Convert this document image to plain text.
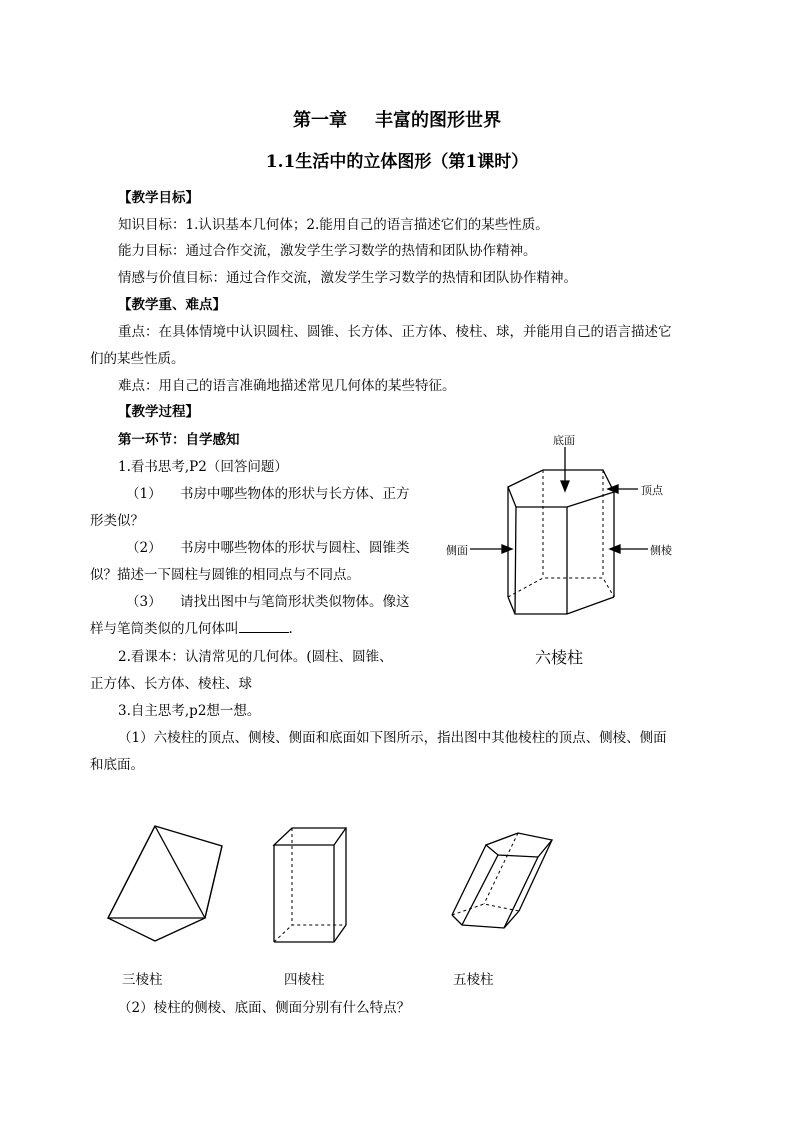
第一章 丰富的图形世界
1.1生活中的立体图形（第1课时）
【教学目标】
知识目标：1.认识基本几何体；2.能用自己的语言描述它们的某些性质。
能力目标：通过合作交流，激发学生学习数学的热情和团队协作精神。
情感与价值目标：通过合作交流，激发学生学习数学的热情和团队协作精神。
【教学重、难点】
重点：在具体情境中认识圆柱、圆锥、长方体、正方体、棱柱、球，并能用自己的语言描述它
们的某些性质。
难点：用自己的语言准确地描述常见几何体的某些特征。
【教学过程】
第一环节：自学感知
1.看书思考,P2（回答问题）
（1） 书房中哪些物体的形状与长方体、正方
形类似？
（2） 书房中哪些物体的形状与圆柱、圆锥类
似？描述一下圆柱与圆锥的相同点与不同点。
（3） 请找出图中与笔筒形状类似物体。像这
样与笔筒类似的几何体叫	.
2.看课本：认清常见的几何体。(圆柱、圆锥、
正方体、长方体、棱柱、球
3.自主思考,p2想一想。
（1）六棱柱的顶点、侧棱、侧面和底面如下图所示，指出图中其他棱柱的顶点、侧棱、侧面
和底面。
底面
顶点
侧面	侧棱
六棱柱
三棱柱	四棱柱	五棱柱
（2）棱柱的侧棱、底面、侧面分别有什么特点？
